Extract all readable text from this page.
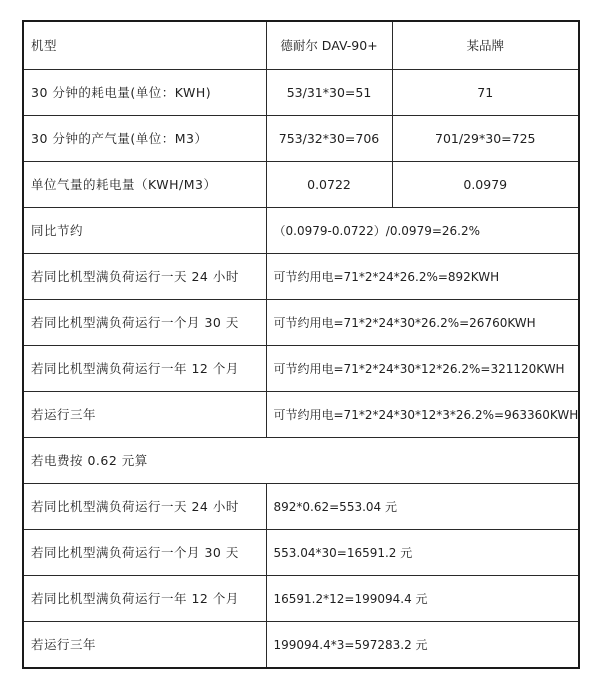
机型	德耐尔 DAV-90+	某品牌
30 分钟的耗电量(单位：KWH)	53/31*30=51	71
30 分钟的产气量(单位：M3）	753/32*30=706	701/29*30=725
单位气量的耗电量（KWH/M3）	0.0722	0.0979
同比节约	（0.0979-0.0722）/0.0979=26.2%	
若同比机型满负荷运行一天 24 小时	可节约用电=71*2*24*26.2%=892KWH	
若同比机型满负荷运行一个月 30 天	可节约用电=71*2*24*30*26.2%=26760KWH	
若同比机型满负荷运行一年 12 个月	可节约用电=71*2*24*30*12*26.2%=321120KWH	
若运行三年	可节约用电=71*2*24*30*12*3*26.2%=963360KWH	
若电费按 0.62 元算		
若同比机型满负荷运行一天 24 小时	892*0.62=553.04 元	
若同比机型满负荷运行一个月 30 天	553.04*30=16591.2 元	
若同比机型满负荷运行一年 12 个月	16591.2*12=199094.4 元	
若运行三年	199094.4*3=597283.2 元	
